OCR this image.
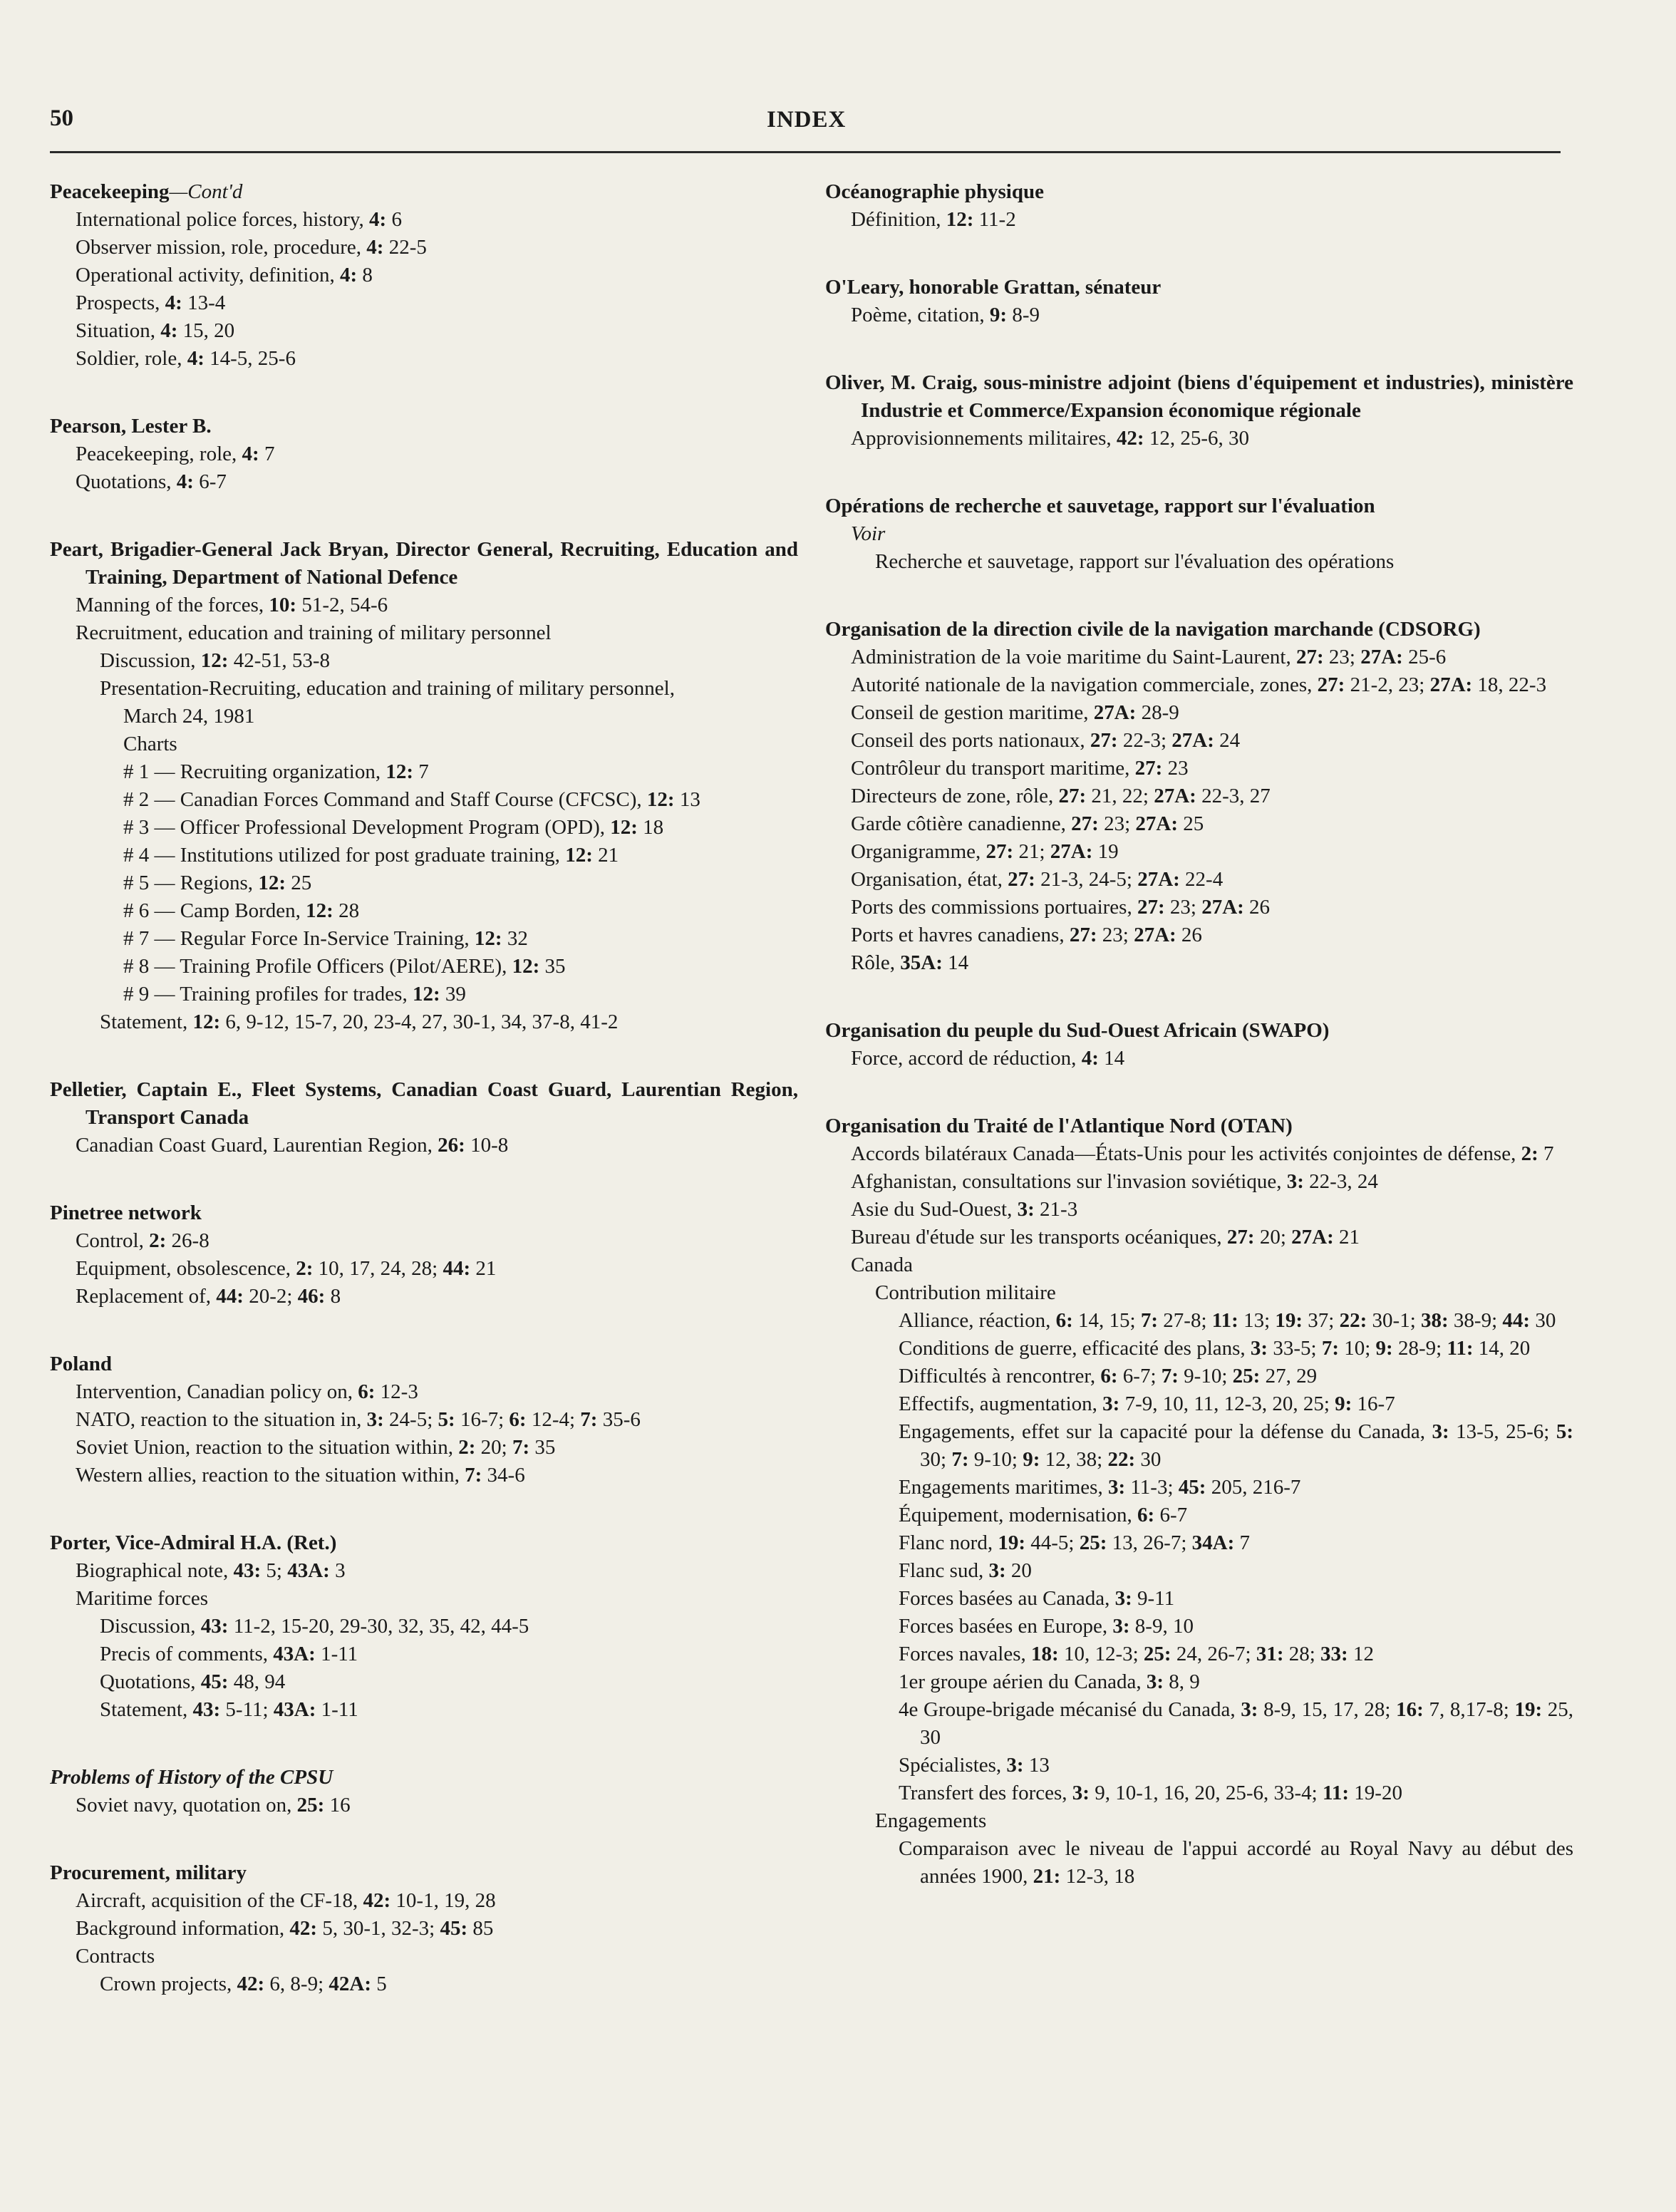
50	INDEX

Peacekeeping—Cont'd

International police forces, history, 4: 6

Observer mission, role, procedure, 4: 22-5

Operational activity, definition, 4: 8

Prospects, 4: 13-4

Situation, 4: 15, 20

Soldier, role, 4: 14-5, 25-6

Pearson, Lester B.

Peacekeeping, role, 4: 7

Quotations, 4: 6-7

Peart, Brigadier-General Jack Bryan, Director General, Recruiting, Education and Training, Department of National Defence

Manning of the forces, 10: 51-2, 54-6

Recruitment, education and training of military personnel

Discussion, 12: 42-51, 53-8

Presentation-Recruiting, education and training of military personnel,

March 24, 1981

Charts

# 1 — Recruiting organization, 12: 7

# 2 — Canadian Forces Command and Staff Course (CFCSC), 12: 13

# 3 — Officer Professional Development Program (OPD), 12: 18

# 4 — Institutions utilized for post graduate training, 12: 21

# 5 — Regions, 12: 25

# 6 — Camp Borden, 12: 28

# 7 — Regular Force In-Service Training, 12: 32

# 8 — Training Profile Officers (Pilot/AERE), 12: 35

# 9 — Training profiles for trades, 12: 39

Statement, 12: 6, 9-12, 15-7, 20, 23-4, 27, 30-1, 34, 37-8, 41-2

Pelletier, Captain E., Fleet Systems, Canadian Coast Guard, Laurentian Region, Transport Canada

Canadian Coast Guard, Laurentian Region, 26: 10-8

Pinetree network

Control, 2: 26-8

Equipment, obsolescence, 2: 10, 17, 24, 28; 44: 21

Replacement of, 44: 20-2; 46: 8

Poland

Intervention, Canadian policy on, 6: 12-3

NATO, reaction to the situation in, 3: 24-5; 5: 16-7; 6: 12-4; 7: 35-6

Soviet Union, reaction to the situation within, 2: 20; 7: 35

Western allies, reaction to the situation within, 7: 34-6

Porter, Vice-Admiral H.A. (Ret.)

Biographical note, 43: 5; 43A: 3

Maritime forces

Discussion, 43: 11-2, 15-20, 29-30, 32, 35, 42, 44-5

Precis of comments, 43A: 1-11

Quotations, 45: 48, 94

Statement, 43: 5-11; 43A: 1-11

Problems of History of the CPSU

Soviet navy, quotation on, 25: 16

Procurement, military

Aircraft, acquisition of the CF-18, 42: 10-1, 19, 28

Background information, 42: 5, 30-1, 32-3; 45: 85

Contracts

Crown projects, 42: 6, 8-9; 42A: 5

Océanographie physique

Définition, 12: 11-2

O'Leary, honorable Grattan, sénateur

Poème, citation, 9: 8-9

Oliver, M. Craig, sous-ministre adjoint (biens d'équipement et industries), ministère Industrie et Commerce/Expansion économique régionale

Approvisionnements militaires, 42: 12, 25-6, 30

Opérations de recherche et sauvetage, rapport sur l'évaluation

Voir

Recherche et sauvetage, rapport sur l'évaluation des opérations

Organisation de la direction civile de la navigation marchande (CDSORG)

Administration de la voie maritime du Saint-Laurent, 27: 23; 27A: 25-6

Autorité nationale de la navigation commerciale, zones, 27: 21-2, 23; 27A: 18, 22-3

Conseil de gestion maritime, 27A: 28-9

Conseil des ports nationaux, 27: 22-3; 27A: 24

Contrôleur du transport maritime, 27: 23

Directeurs de zone, rôle, 27: 21, 22; 27A: 22-3, 27

Garde côtière canadienne, 27: 23; 27A: 25

Organigramme, 27: 21; 27A: 19

Organisation, état, 27: 21-3, 24-5; 27A: 22-4

Ports des commissions portuaires, 27: 23; 27A: 26

Ports et havres canadiens, 27: 23; 27A: 26

Rôle, 35A: 14

Organisation du peuple du Sud-Ouest Africain (SWAPO)

Force, accord de réduction, 4: 14

Organisation du Traité de l'Atlantique Nord (OTAN)

Accords bilatéraux Canada—États-Unis pour les activités conjointes de défense, 2: 7

Afghanistan, consultations sur l'invasion soviétique, 3: 22-3, 24

Asie du Sud-Ouest, 3: 21-3

Bureau d'étude sur les transports océaniques, 27: 20; 27A: 21

Canada

Contribution militaire

Alliance, réaction, 6: 14, 15; 7: 27-8; 11: 13; 19: 37; 22: 30-1; 38: 38-9; 44: 30

Conditions de guerre, efficacité des plans, 3: 33-5; 7: 10; 9: 28-9; 11: 14, 20

Difficultés à rencontrer, 6: 6-7; 7: 9-10; 25: 27, 29

Effectifs, augmentation, 3: 7-9, 10, 11, 12-3, 20, 25; 9: 16-7

Engagements, effet sur la capacité pour la défense du Canada, 3: 13-5, 25-6; 5: 30; 7: 9-10; 9: 12, 38; 22: 30

Engagements maritimes, 3: 11-3; 45: 205, 216-7

Équipement, modernisation, 6: 6-7

Flanc nord, 19: 44-5; 25: 13, 26-7; 34A: 7

Flanc sud, 3: 20

Forces basées au Canada, 3: 9-11

Forces basées en Europe, 3: 8-9, 10

Forces navales, 18: 10, 12-3; 25: 24, 26-7; 31: 28; 33: 12

1er groupe aérien du Canada, 3: 8, 9

4e Groupe-brigade mécanisé du Canada, 3: 8-9, 15, 17, 28; 16: 7, 8,17-8; 19: 25, 30

Spécialistes, 3: 13

Transfert des forces, 3: 9, 10-1, 16, 20, 25-6, 33-4; 11: 19-20

Engagements

Comparaison avec le niveau de l'appui accordé au Royal Navy au début des années 1900, 21: 12-3, 18
